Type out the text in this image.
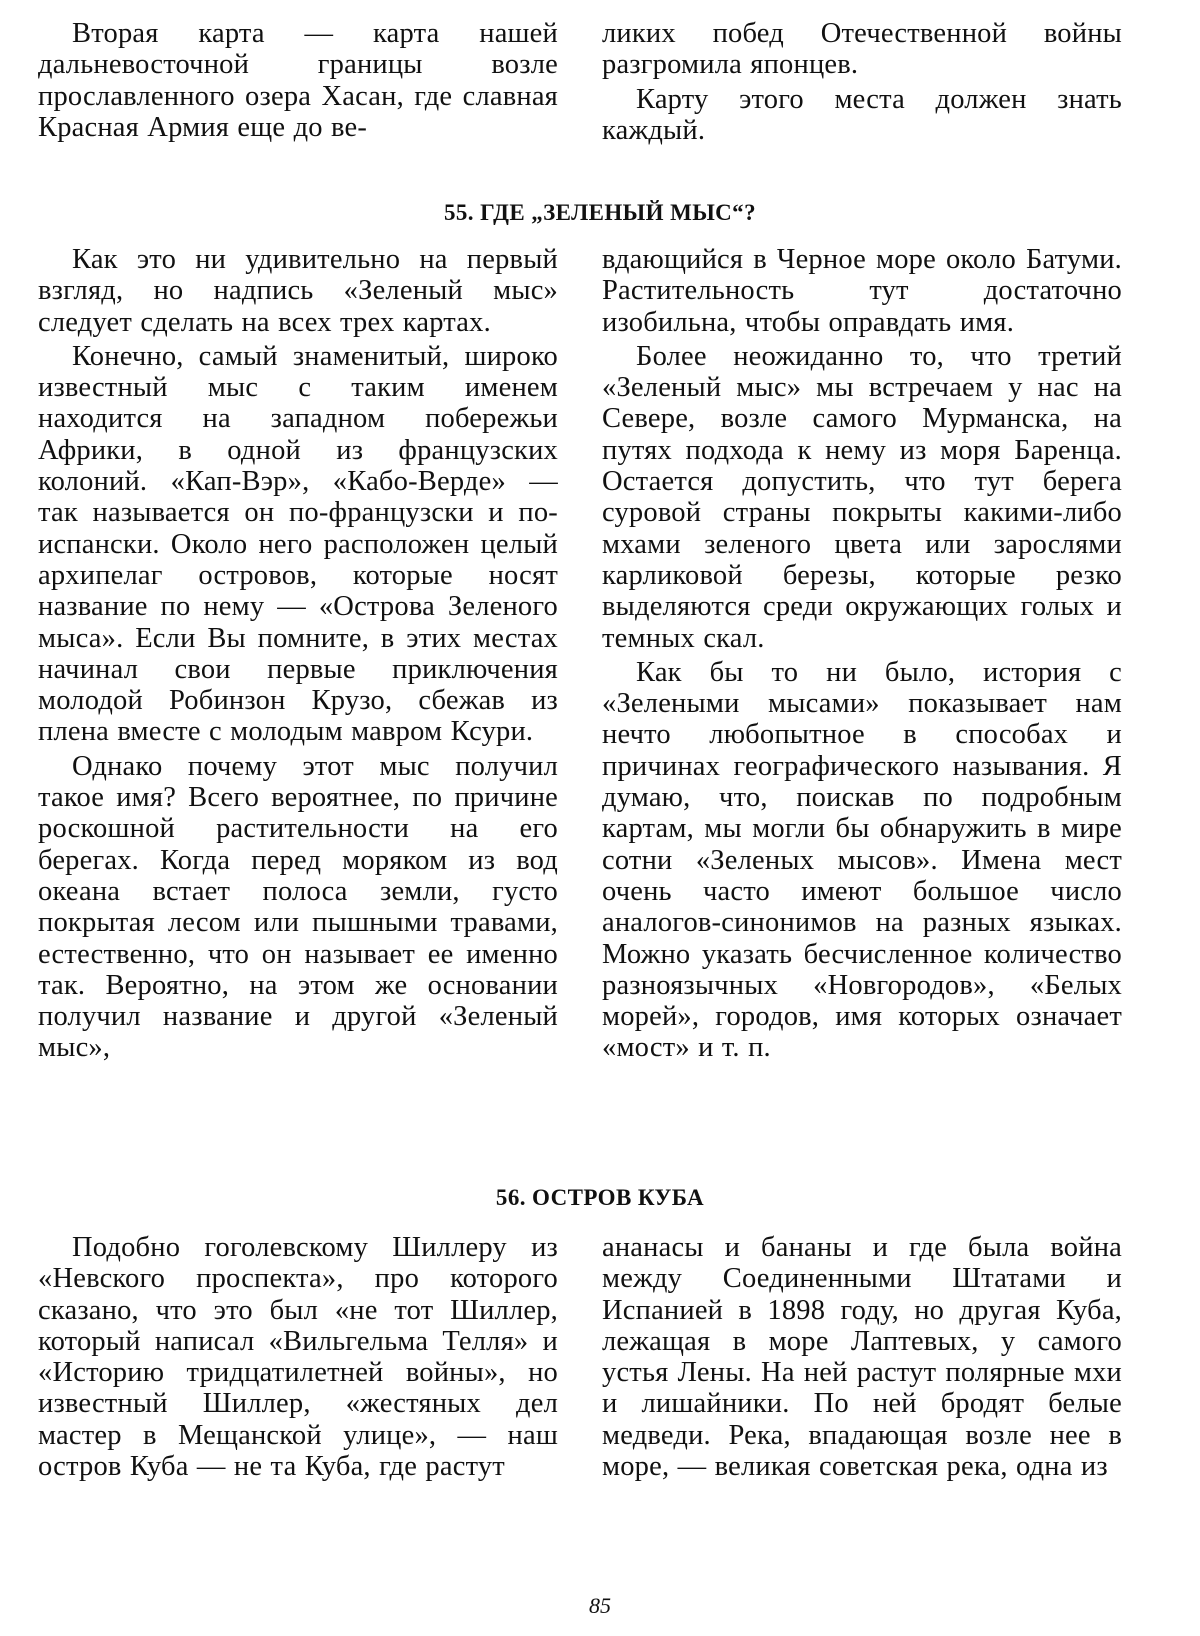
Вторая карта — карта нашей дальневосточной границы возле прославленного озера Хасан, где славная Красная Армия еще до ве-

ликих побед Отечественной войны разгромила японцев.

Карту этого места должен знать каждый.

55. ГДЕ „ЗЕЛЕНЫЙ МЫС“?

Как это ни удивительно на первый взгляд, но надпись «Зеленый мыс» следует сделать на всех трех картах.

Конечно, самый знаменитый, широко известный мыс с таким именем находится на западном побережьи Африки, в одной из французских колоний. «Кап-Вэр», «Кабо-Верде» — так называется он по-французски и по-испански. Около него расположен целый архипелаг островов, которые носят название по нему — «Острова Зеленого мыса». Если Вы помните, в этих местах начинал свои первые приключения молодой Робинзон Крузо, сбежав из плена вместе с молодым мавром Ксури.

Однако почему этот мыс получил такое имя? Всего вероятнее, по причине роскошной растительности на его берегах. Когда перед моряком из вод океана встает полоса земли, густо покрытая лесом или пышными травами, естественно, что он называет ее именно так. Вероятно, на этом же основании получил название и другой «Зеленый мыс»,

вдающийся в Черное море около Батуми. Растительность тут достаточно изобильна, чтобы оправдать имя.

Более неожиданно то, что третий «Зеленый мыс» мы встречаем у нас на Севере, возле самого Мурманска, на путях подхода к нему из моря Баренца. Остается допустить, что тут берега суровой страны покрыты какими-либо мхами зеленого цвета или зарослями карликовой березы, которые резко выделяются среди окружающих голых и темных скал.

Как бы то ни было, история с «Зелеными мысами» показывает нам нечто любопытное в способах и причинах географического называния. Я думаю, что, поискав по подробным картам, мы могли бы обнаружить в мире сотни «Зеленых мысов». Имена мест очень часто имеют большое число аналогов-синонимов на разных языках. Можно указать бесчисленное количество разноязычных «Новгородов», «Белых морей», городов, имя которых означает «мост» и т. п.

56. ОСТРОВ КУБА

Подобно гоголевскому Шиллеру из «Невского проспекта», про которого сказано, что это был «не тот Шиллер, который написал «Вильгельма Телля» и «Историю тридцатилетней войны», но известный Шиллер, «жестяных дел мастер в Мещанской улице», — наш остров Куба — не та Куба, где растут

ананасы и бананы и где была война между Соединенными Штатами и Испанией в 1898 году, но другая Куба, лежащая в море Лаптевых, у самого устья Лены. На ней растут полярные мхи и лишайники. По ней бродят белые медведи. Река, впадающая возле нее в море, — великая советская река, одна из

85
